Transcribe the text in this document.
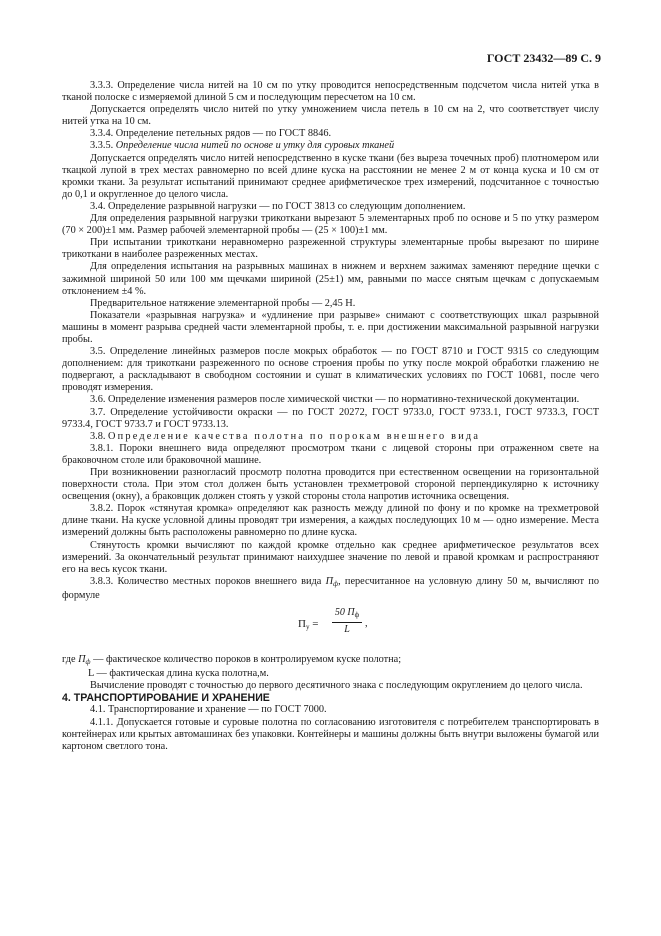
ГОСТ 23432—89 С. 9

3.3.3. Определение числа нитей на 10 см по утку проводится непосредственным подсчетом числа нитей утка в тканой полоске с измеряемой длиной 5 см и последующим пересчетом на 10 см.

Допускается определять число нитей по утку умножением числа петель в 10 см на 2, что соответствует числу нитей утка на 10 см.

3.3.4. Определение петельных рядов — по ГОСТ 8846.

3.3.5. Определение числа нитей по основе и утку для суровых тканей

Допускается определять число нитей непосредственно в куске ткани (без выреза точечных проб) плотномером или ткацкой лупой в трех местах равномерно по всей длине куска на расстоянии не менее 2 м от конца куска и 10 см от кромки ткани. За результат испытаний принимают среднее арифметическое трех измерений, подсчитанное с точностью до 0,1 и округленное до целого числа.

3.4. Определение разрывной нагрузки — по ГОСТ 3813 со следующим дополнением.

Для определения разрывной нагрузки трикоткани вырезают 5 элементарных проб по основе и 5 по утку размером (70 × 200)±1 мм. Размер рабочей элементарной пробы — (25 × 100)±1 мм.

При испытании трикоткани неравномерно разреженной структуры элементарные пробы вырезают по ширине трикоткани в наиболее разреженных местах.

Для определения испытания на разрывных машинах в нижнем и верхнем зажимах заменяют передние щечки с зажимной шириной 50 или 100 мм щечками шириной (25±1) мм, равными по массе снятым щечкам с допускаемым отклонением ±4 %.

Предварительное натяжение элементарной пробы — 2,45 Н.

Показатели «разрывная нагрузка» и «удлинение при разрыве» снимают с соответствующих шкал разрывной машины в момент разрыва средней части элементарной пробы, т. е. при достижении максимальной разрывной нагрузки пробы.

3.5. Определение линейных размеров после мокрых обработок — по ГОСТ 8710 и ГОСТ 9315 со следующим дополнением: для трикоткани разреженного по основе строения пробы по утку после мокрой обработки глажению не подвергают, а раскладывают в свободном состоянии и сушат в климатических условиях по ГОСТ 10681, после чего проводят измерения.

3.6. Определение изменения размеров после химической чистки — по нормативно-технической документации.

3.7. Определение устойчивости окраски — по ГОСТ 20272, ГОСТ 9733.0, ГОСТ 9733.1, ГОСТ 9733.3, ГОСТ 9733.4, ГОСТ 9733.7 и ГОСТ 9733.13.

3.8. Определение качества полотна по порокам внешнего вида

3.8.1. Пороки внешнего вида определяют просмотром ткани с лицевой стороны при отраженном свете на браковочном столе или браковочной машине.

При возникновении разногласий просмотр полотна проводится при естественном освещении на горизонтальной поверхности стола. При этом стол должен быть установлен трехметровой стороной перпендикулярно к источнику освещения (окну), а браковщик должен стоять у узкой стороны стола напротив источника освещения.

3.8.2. Порок «стянутая кромка» определяют как разность между длиной по фону и по кромке на трехметровой длине ткани. На куске условной длины проводят три измерения, а каждых последующих 10 м — одно измерение. Места измерений должны быть расположены равномерно по длине куска.

Стянутость кромки вычисляют по каждой кромке отдельно как среднее арифметическое результатов всех измерений. За окончательный результат принимают наихудшее значение по левой и правой кромкам и распространяют его на весь кусок ткани.

3.8.3. Количество местных пороков внешнего вида $П_ф$, пересчитанное на условную длину 50 м, вычисляют по формуле

$П_у$ =
50 $П_ф$
L
,

где $П_ф$ — фактическое количество пороков в контролируемом куске полотна;

L — фактическая длина куска полотна,м.

Вычисление проводят с точностью до первого десятичного знака с последующим округлением до целого числа.

4. ТРАНСПОРТИРОВАНИЕ И ХРАНЕНИЕ

4.1. Транспортирование и хранение — по ГОСТ 7000.

4.1.1. Допускается готовые и суровые полотна по согласованию изготовителя с потребителем транспортировать в контейнерах или крытых автомашинах без упаковки. Контейнеры и машины должны быть внутри выложены бумагой или картоном светлого тона.
